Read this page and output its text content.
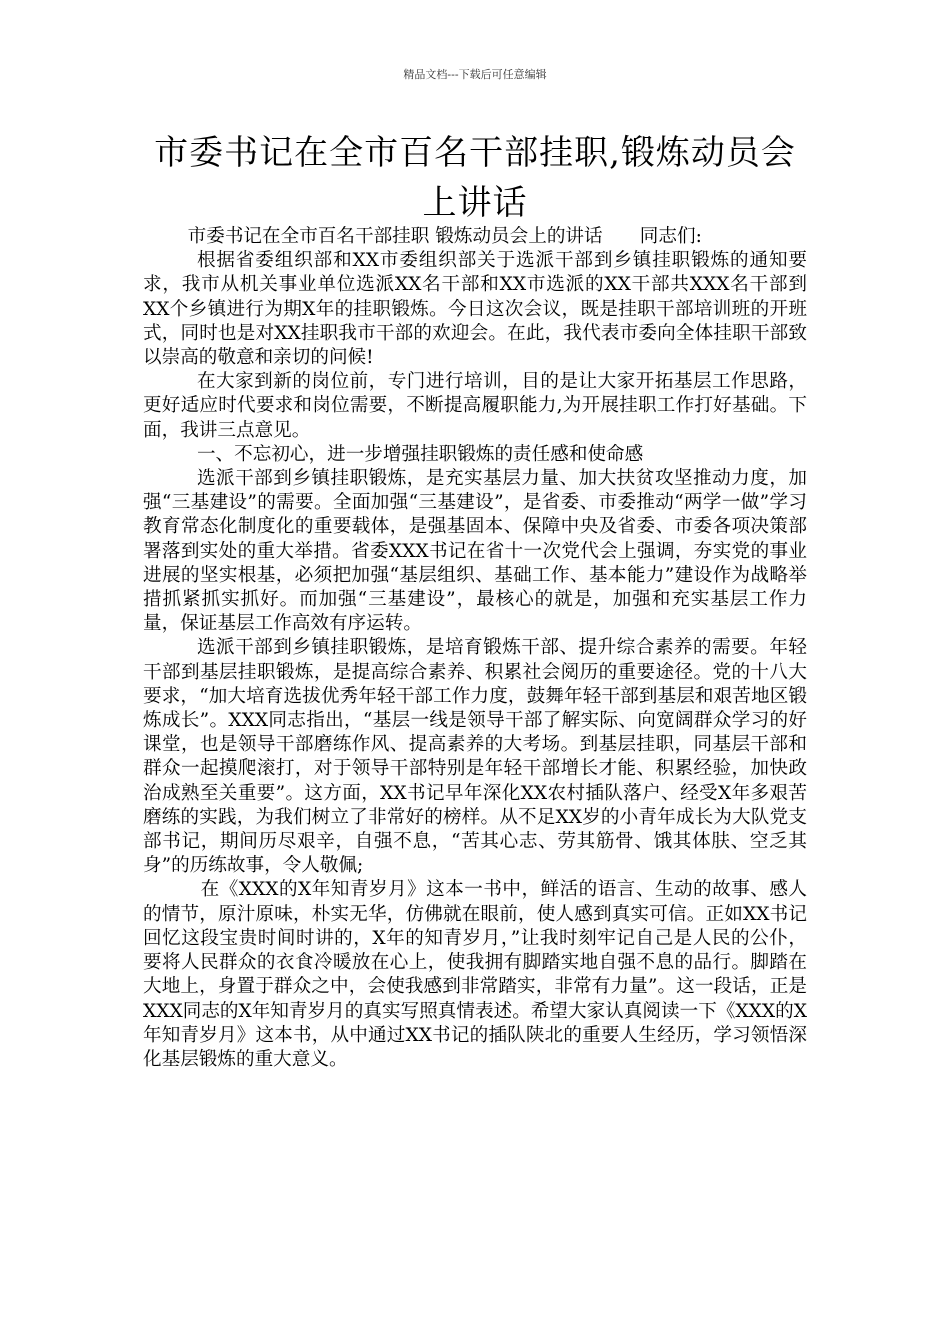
精品文档---下载后可任意编辑
市委书记在全市百名干部挂职,锻炼动员会上讲话

市委书记在全市百名干部挂职 锻炼动员会上的讲话　　同志们:

根据省委组织部和XX市委组织部关于选派干部到乡镇挂职锻炼的通知要求，我市从机关事业单位选派XX名干部和XX市选派的XX干部共XXX名干部到XX个乡镇进行为期X年的挂职锻炼。今日这次会议，既是挂职干部培训班的开班式，同时也是对XX挂职我市干部的欢迎会。在此，我代表市委向全体挂职干部致以崇高的敬意和亲切的问候!

在大家到新的岗位前，专门进行培训，目的是让大家开拓基层工作思路，更好适应时代要求和岗位需要，不断提高履职能力,为开展挂职工作打好基础。下面，我讲三点意见。

一、不忘初心，进一步增强挂职锻炼的责任感和使命感

选派干部到乡镇挂职锻炼，是充实基层力量、加大扶贫攻坚推动力度，加强“三基建设”的需要。全面加强“三基建设”，是省委、市委推动“两学一做”学习教育常态化制度化的重要载体，是强基固本、保障中央及省委、市委各项决策部署落到实处的重大举措。省委XXX书记在省十一次党代会上强调，夯实党的事业进展的坚实根基，必须把加强“基层组织、基础工作、基本能力”建设作为战略举措抓紧抓实抓好。而加强“三基建设”，最核心的就是，加强和充实基层工作力量，保证基层工作高效有序运转。

选派干部到乡镇挂职锻炼，是培育锻炼干部、提升综合素养的需要。年轻干部到基层挂职锻炼，是提高综合素养、积累社会阅历的重要途径。党的十八大要求，“加大培育选拔优秀年轻干部工作力度，鼓舞年轻干部到基层和艰苦地区锻炼成长”。XXX同志指出，“基层一线是领导干部了解实际、向宽阔群众学习的好课堂，也是领导干部磨练作风、提高素养的大考场。到基层挂职，同基层干部和群众一起摸爬滚打，对于领导干部特别是年轻干部增长才能、积累经验，加快政治成熟至关重要”。这方面，XX书记早年深化XX农村插队落户、经受X年多艰苦磨练的实践，为我们树立了非常好的榜样。从不足XX岁的小青年成长为大队党支部书记，期间历尽艰辛，自强不息，“苦其心志、劳其筋骨、饿其体肤、空乏其身”的历练故事，令人敬佩;

在《XXX的X年知青岁月》这本一书中，鲜活的语言、生动的故事、感人的情节，原汁原味，朴实无华，仿佛就在眼前，使人感到真实可信。正如XX书记回忆这段宝贵时间时讲的，X年的知青岁月，”让我时刻牢记自己是人民的公仆，要将人民群众的衣食冷暖放在心上，使我拥有脚踏实地自强不息的品行。脚踏在大地上，身置于群众之中，会使我感到非常踏实，非常有力量”。这一段话，正是XXX同志的X年知青岁月的真实写照真情表述。希望大家认真阅读一下《XXX的X年知青岁月》这本书，从中通过XX书记的插队陕北的重要人生经历，学习领悟深化基层锻炼的重大意义。
